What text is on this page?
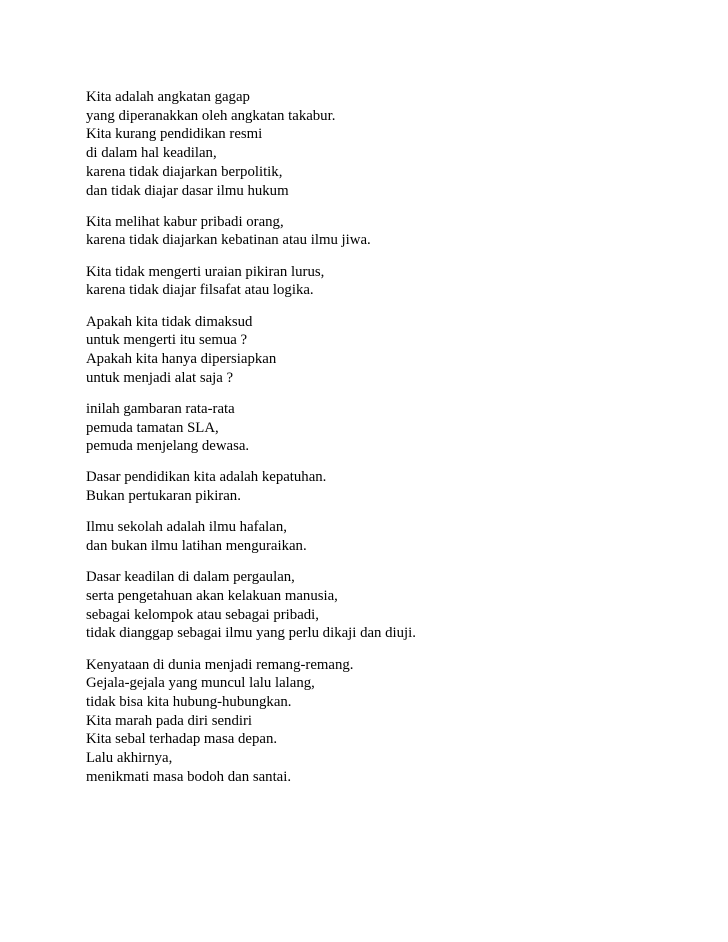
Kita adalah angkatan gagap
yang diperanakkan oleh angkatan takabur.
Kita kurang pendidikan resmi
di dalam hal keadilan,
karena tidak diajarkan berpolitik,
dan tidak diajar dasar ilmu hukum
Kita melihat kabur pribadi orang,
karena tidak diajarkan kebatinan atau ilmu jiwa.
Kita tidak mengerti uraian pikiran lurus,
karena tidak diajar filsafat atau logika.
Apakah kita tidak dimaksud
untuk mengerti itu semua ?
Apakah kita hanya dipersiapkan
untuk menjadi alat saja ?
inilah gambaran rata-rata
pemuda tamatan SLA,
pemuda menjelang dewasa.
Dasar pendidikan kita adalah kepatuhan.
Bukan pertukaran pikiran.
Ilmu sekolah adalah ilmu hafalan,
dan bukan ilmu latihan menguraikan.
Dasar keadilan di dalam pergaulan,
serta pengetahuan akan kelakuan manusia,
sebagai kelompok atau sebagai pribadi,
tidak dianggap sebagai ilmu yang perlu dikaji dan diuji.
Kenyataan di dunia menjadi remang-remang.
Gejala-gejala yang muncul lalu lalang,
tidak bisa kita hubung-hubungkan.
Kita marah pada diri sendiri
Kita sebal terhadap masa depan.
Lalu akhirnya,
menikmati masa bodoh dan santai.
